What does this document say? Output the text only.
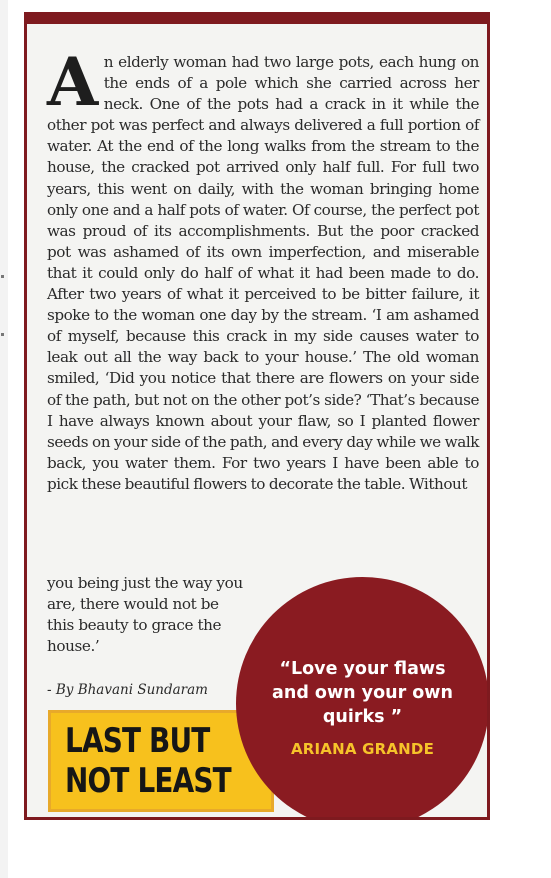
An elderly woman had two large pots, each hung on the ends of a pole which she carried across her neck. One of the pots had a crack in it while the other pot was perfect and always delivered a full portion of water. At the end of the long walks from the stream to the house, the cracked pot arrived only half full. For full two years, this went on daily, with the woman bringing home only one and a half pots of water. Of course, the perfect pot was proud of its accomplishments. But the poor cracked pot was ashamed of its own imperfection, and miserable that it could only do half of what it had been made to do. After two years of what it perceived to be bitter failure, it spoke to the woman one day by the stream. ‘I am ashamed of myself, because this crack in my side causes water to leak out all the way back to your house.’ The old woman smiled, ‘Did you notice that there are flowers on your side of the path, but not on the other pot’s side? ‘That’s because I have always known about your flaw, so I planted flower seeds on your side of the path, and every day while we walk back, you water them. For two years I have been able to pick these beautiful flowers to decorate the table. Without
you being just the way you
are, there would not be
this beauty to grace the
house.’
- By Bhavani Sundaram
LAST BUT
NOT LEAST
“Love your flaws
and own your own
quirks ”
ARIANA GRANDE
